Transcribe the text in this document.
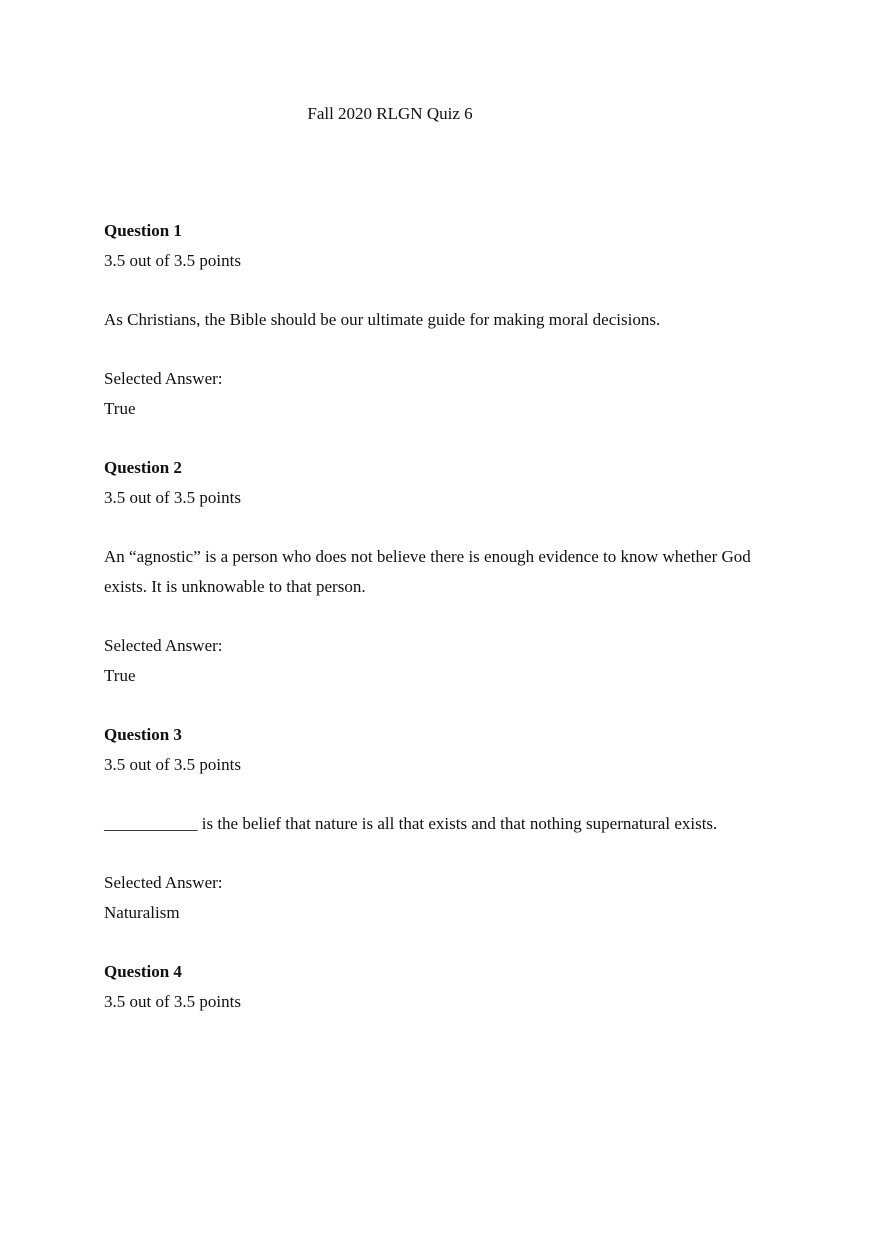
Fall 2020 RLGN Quiz 6

Question 1

3.5 out of 3.5 points

As Christians, the Bible should be our ultimate guide for making moral decisions.

Selected Answer:

True

Question 2

3.5 out of 3.5 points

An “agnostic” is a person who does not believe there is enough evidence to know whether God exists. It is unknowable to that person.

Selected Answer:

True

Question 3

3.5 out of 3.5 points

___________ is the belief that nature is all that exists and that nothing supernatural exists.

Selected Answer:

Naturalism

Question 4

3.5 out of 3.5 points
